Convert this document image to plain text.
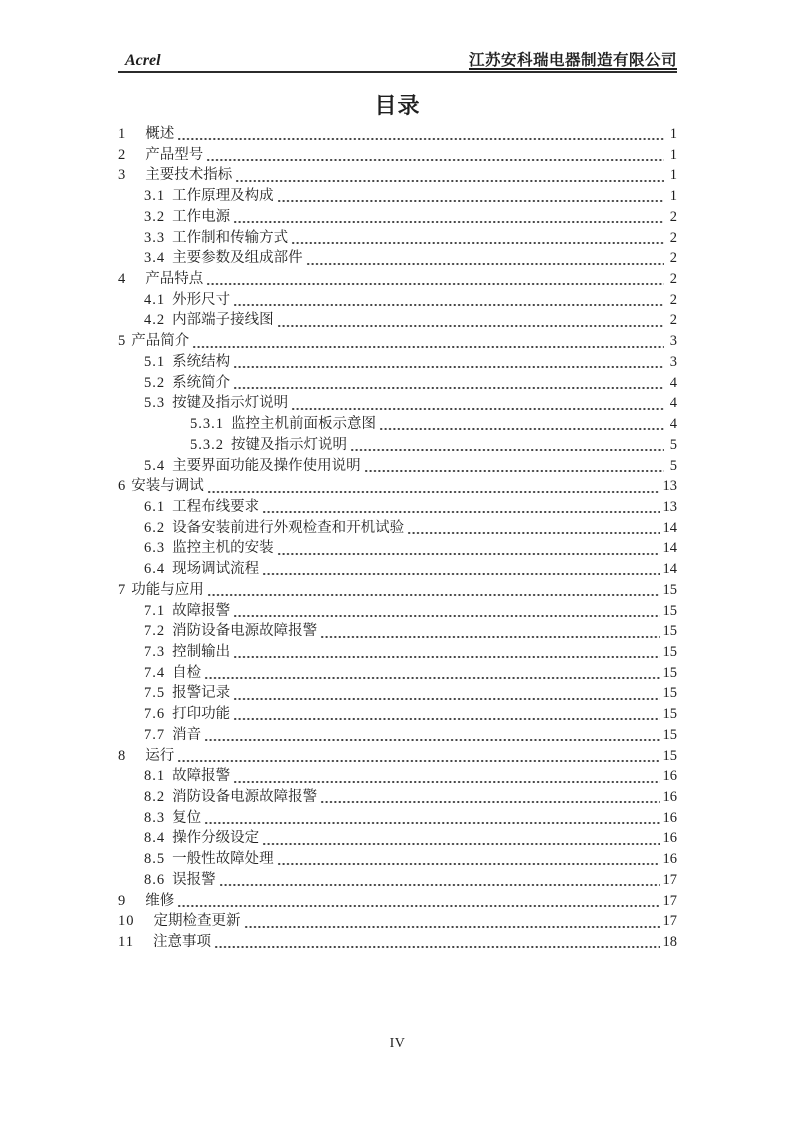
Acrel	江苏安科瑞电器制造有限公司
目录
1 概述	1
2 产品型号	1
3 主要技术指标	1
3.1 工作原理及构成	1
3.2 工作电源	2
3.3 工作制和传输方式	2
3.4 主要参数及组成部件	2
4 产品特点	2
4.1 外形尺寸	2
4.2 内部端子接线图	2
5 产品简介	3
5.1 系统结构	3
5.2 系统简介	4
5.3 按键及指示灯说明	4
5.3.1 监控主机前面板示意图	4
5.3.2 按键及指示灯说明	5
5.4 主要界面功能及操作使用说明	5
6 安装与调试	13
6.1 工程布线要求	13
6.2 设备安装前进行外观检查和开机试验	14
6.3 监控主机的安装	14
6.4 现场调试流程	14
7 功能与应用	15
7.1 故障报警	15
7.2 消防设备电源故障报警	15
7.3 控制输出	15
7.4 自检	15
7.5 报警记录	15
7.6 打印功能	15
7.7 消音	15
8 运行	15
8.1 故障报警	16
8.2 消防设备电源故障报警	16
8.3 复位	16
8.4 操作分级设定	16
8.5 一般性故障处理	16
8.6 误报警	17
9 维修	17
10 定期检查更新	17
11 注意事项	18
IV
